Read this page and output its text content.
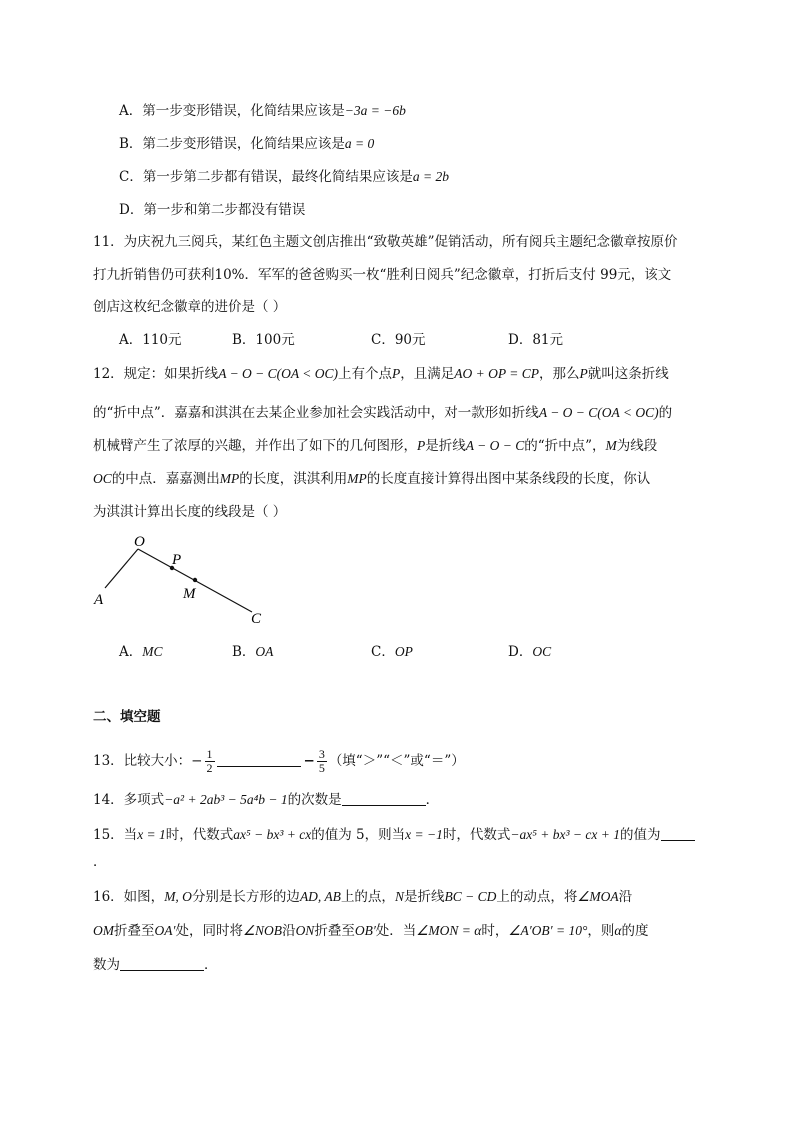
A．第一步变形错误，化简结果应该是−3a = −6b
B．第二步变形错误，化简结果应该是a = 0
C．第一步第二步都有错误，最终化简结果应该是a = 2b
D．第一步和第二步都没有错误
11．为庆祝九三阅兵，某红色主题文创店推出“致敬英雄”促销活动，所有阅兵主题纪念徽章按原价
打九折销售仍可获利10%．军军的爸爸购买一枚“胜利日阅兵”纪念徽章，打折后支付 99元，该文
创店这枚纪念徽章的进价是（ ）
A．110元	B．100元	C．90元	D．81元
12．规定：如果折线A − O − C(OA < OC)上有个点P，且满足AO + OP = CP，那么P就叫这条折线
的“折中点”．嘉嘉和淇淇在去某企业参加社会实践活动中，对一款形如折线A − O − C(OA < OC)的
机械臂产生了浓厚的兴趣，并作出了如下的几何图形，P是折线A − O − C的“折中点”，M为线段
OC的中点．嘉嘉测出MP的长度，淇淇利用MP的长度直接计算得出图中某条线段的长度，你认
为淇淇计算出长度的线段是（ ）
O
P
A	M
C
A．MC	B．OA	C．OP	D．OC
二、填空题
13．比较大小：− $\frac{1}{2}$	− $\frac{3}{5}$ （填“＞”“＜”或“＝”）
14．多项式−a² + 2ab³ − 5a⁴b − 1的次数是	．
15．当x = 1时，代数式ax⁵ − bx³ + cx的值为 5，则当x = −1时，代数式−ax⁵ + bx³ − cx + 1的值为
．
16．如图，M, O分别是长方形的边AD, AB上的点，N是折线BC − CD上的动点，将∠MOA沿
OM折叠至OA′处，同时将∠NOB沿ON折叠至OB′处．当∠MON = α时，∠A′OB′ = 10°，则α的度
数为	．
